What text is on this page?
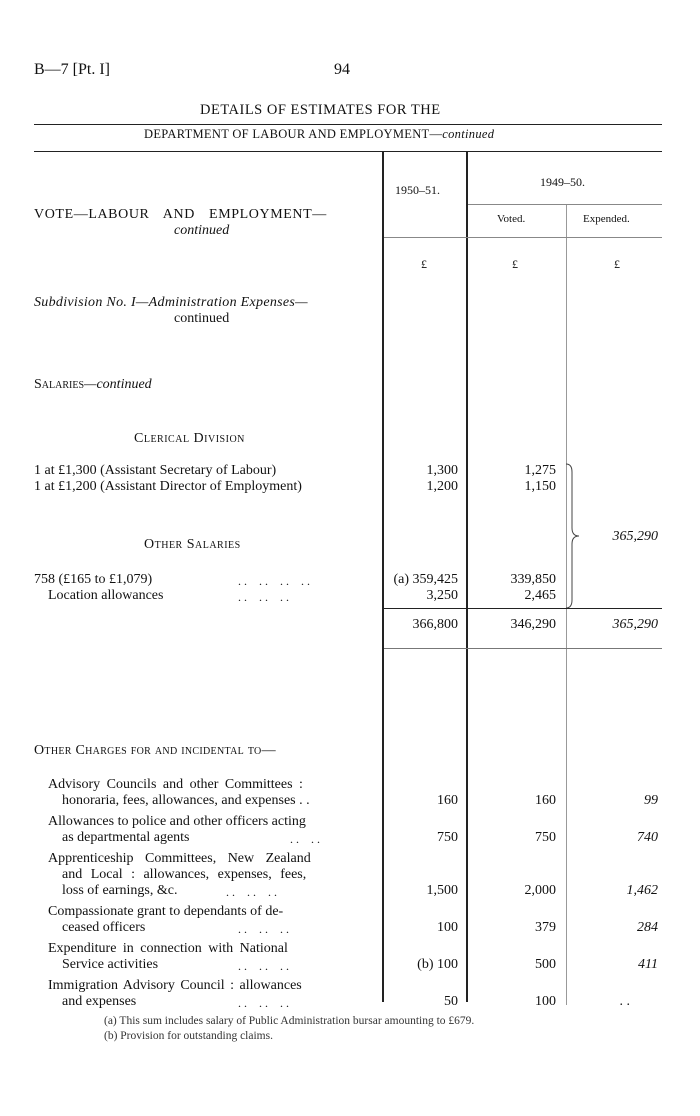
B—7 [Pt. I]	94
DETAILS OF ESTIMATES FOR THE
DEPARTMENT OF LABOUR AND EMPLOYMENT—continued
1950–51.
1949–50.
Voted.	Expended.
VOTE—LABOUR AND EMPLOYMENT—
continued
£	£	£
Subdivision No. I—Administration Expenses—
continued
Salaries—continued
Clerical Division
1 at £1,300 (Assistant Secretary of Labour)	1,300	1,275
1 at £1,200 (Assistant Director of Employment)	1,200	1,150
Other Salaries
758 (£165 to £1,079)	. .    . .    . .    . .	(a) 359,425	339,850
Location allowances	. .    . .    . .	3,250	2,465
365,290
366,800	346,290	365,290
Other Charges for and incidental to—
Advisory Councils and other Committees :
honoraria, fees, allowances, and expenses . .	160	160	99
Allowances to police and other officers acting
as departmental agents	. .    . .	750	750	740
Apprenticeship Committees, New Zealand
and Local : allowances, expenses, fees,
loss of earnings, &c.	. .    . .    . .	1,500	2,000	1,462
Compassionate grant to dependants of de-
ceased officers	. .    . .    . .	100	379	284
Expenditure in connection with National
Service activities	. .    . .    . .	(b) 100	500	411
Immigration Advisory Council : allowances
and expenses	. .    . .    . .	50	100	. .
(a) This sum includes salary of Public Administration bursar amounting to £679.
(b) Provision for outstanding claims.
